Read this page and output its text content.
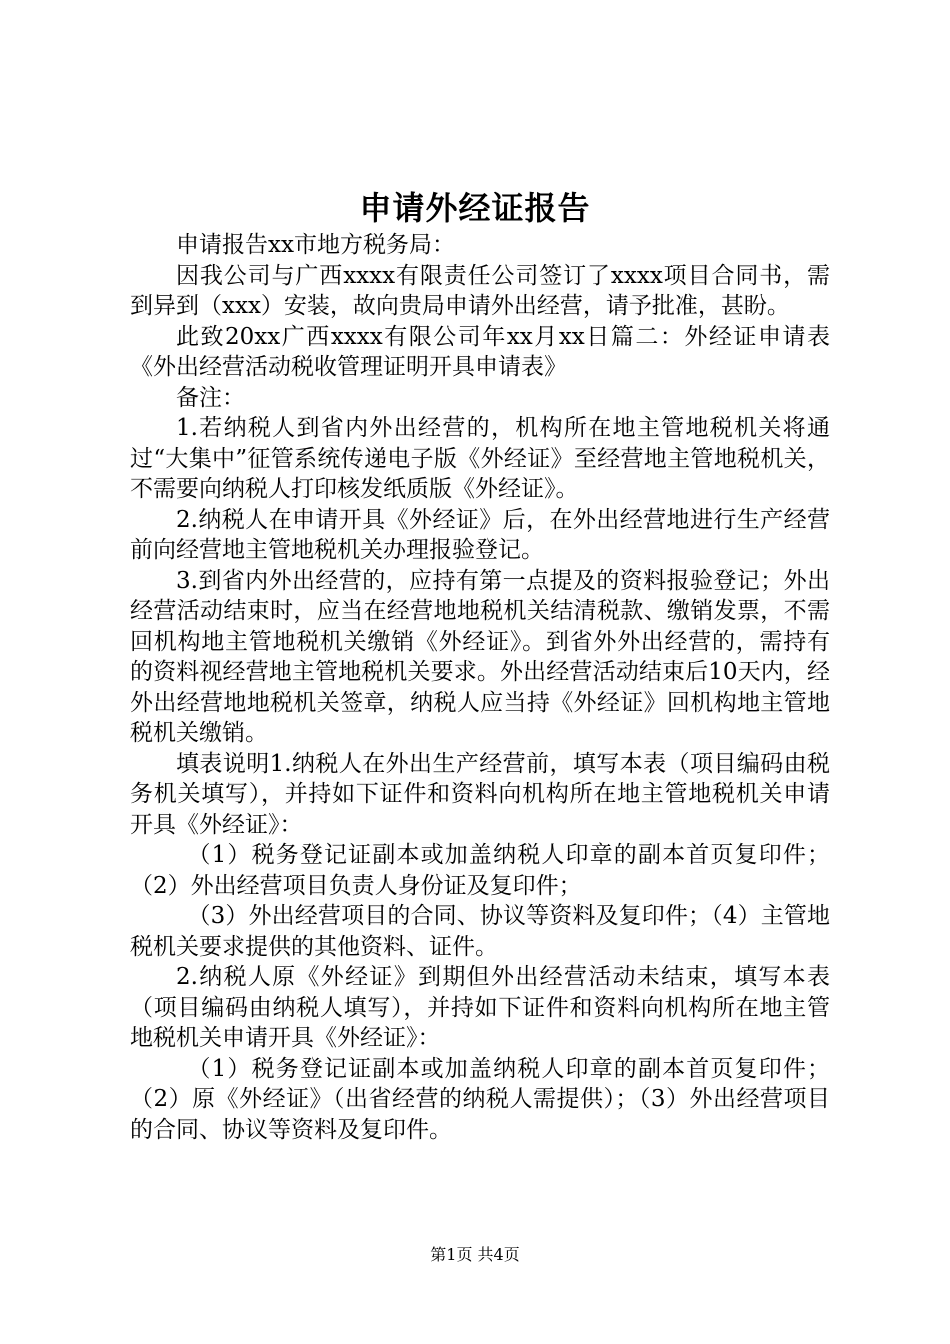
申请外经证报告

申请报告xx市地方税务局：

因我公司与广西xxxx有限责任公司签订了xxxx项目合同书，需到异到（xxx）安装，故向贵局申请外出经营，请予批准，甚盼。

此致20xx广西xxxx有限公司年xx月xx日篇二：外经证申请表《外出经营活动税收管理证明开具申请表》

备注：

1.若纳税人到省内外出经营的，机构所在地主管地税机关将通过“大集中”征管系统传递电子版《外经证》至经营地主管地税机关，不需要向纳税人打印核发纸质版《外经证》。

2.纳税人在申请开具《外经证》后，在外出经营地进行生产经营前向经营地主管地税机关办理报验登记。

3.到省内外出经营的，应持有第一点提及的资料报验登记；外出经营活动结束时，应当在经营地地税机关结清税款、缴销发票，不需回机构地主管地税机关缴销《外经证》。到省外外出经营的，需持有的资料视经营地主管地税机关要求。外出经营活动结束后10天内，经外出经营地地税机关签章，纳税人应当持《外经证》回机构地主管地税机关缴销。

填表说明1.纳税人在外出生产经营前，填写本表（项目编码由税务机关填写），并持如下证件和资料向机构所在地主管地税机关申请开具《外经证》：

（1）税务登记证副本或加盖纳税人印章的副本首页复印件；（2）外出经营项目负责人身份证及复印件；

（3）外出经营项目的合同、协议等资料及复印件；（4）主管地税机关要求提供的其他资料、证件。

2.纳税人原《外经证》到期但外出经营活动未结束，填写本表（项目编码由纳税人填写），并持如下证件和资料向机构所在地主管地税机关申请开具《外经证》：

（1）税务登记证副本或加盖纳税人印章的副本首页复印件；（2）原《外经证》（出省经营的纳税人需提供）；（3）外出经营项目的合同、协议等资料及复印件。

第1页 共4页
